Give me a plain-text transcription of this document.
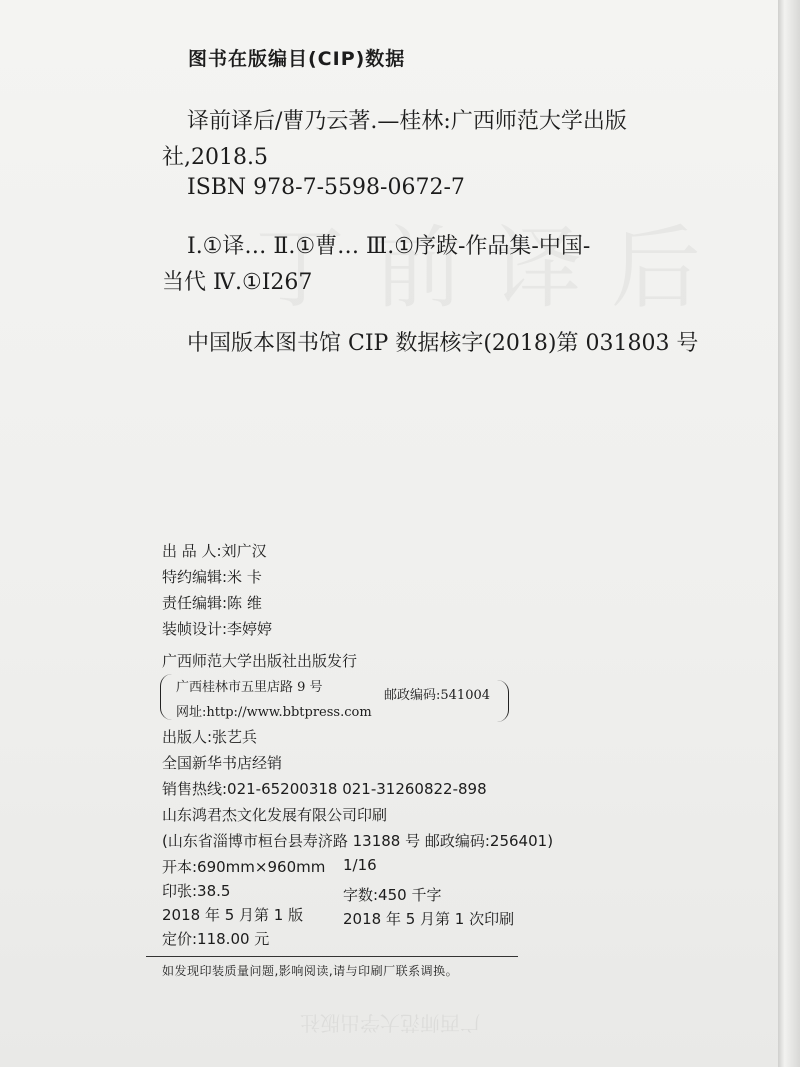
图书在版编目(CIP)数据
译前译后/曹乃云著.—桂林:广西师范大学出版
社,2018.5
ISBN 978-7-5598-0672-7
Ⅰ.①译… Ⅱ.①曹… Ⅲ.①序跋-作品集-中国-
当代 Ⅳ.①I267
中国版本图书馆 CIP 数据核字(2018)第 031803 号
出 品 人:刘广汉
特约编辑:米 卡
责任编辑:陈 维
装帧设计:李婷婷
广西师范大学出版社出版发行
广西桂林市五里店路 9 号
邮政编码:541004
网址:http://www.bbtpress.com
出版人:张艺兵
全国新华书店经销
销售热线:021-65200318 021-31260822-898
山东鸿君杰文化发展有限公司印刷
(山东省淄博市桓台县寿济路 13188 号 邮政编码:256401)
开本:690mm×960mm 1/16
印张:38.5	字数:450 千字
2018 年 5 月第 1 版	2018 年 5 月第 1 次印刷
定价:118.00 元
如发现印装质量问题,影响阅读,请与印刷厂联系调换。
广西师范大学出版社
